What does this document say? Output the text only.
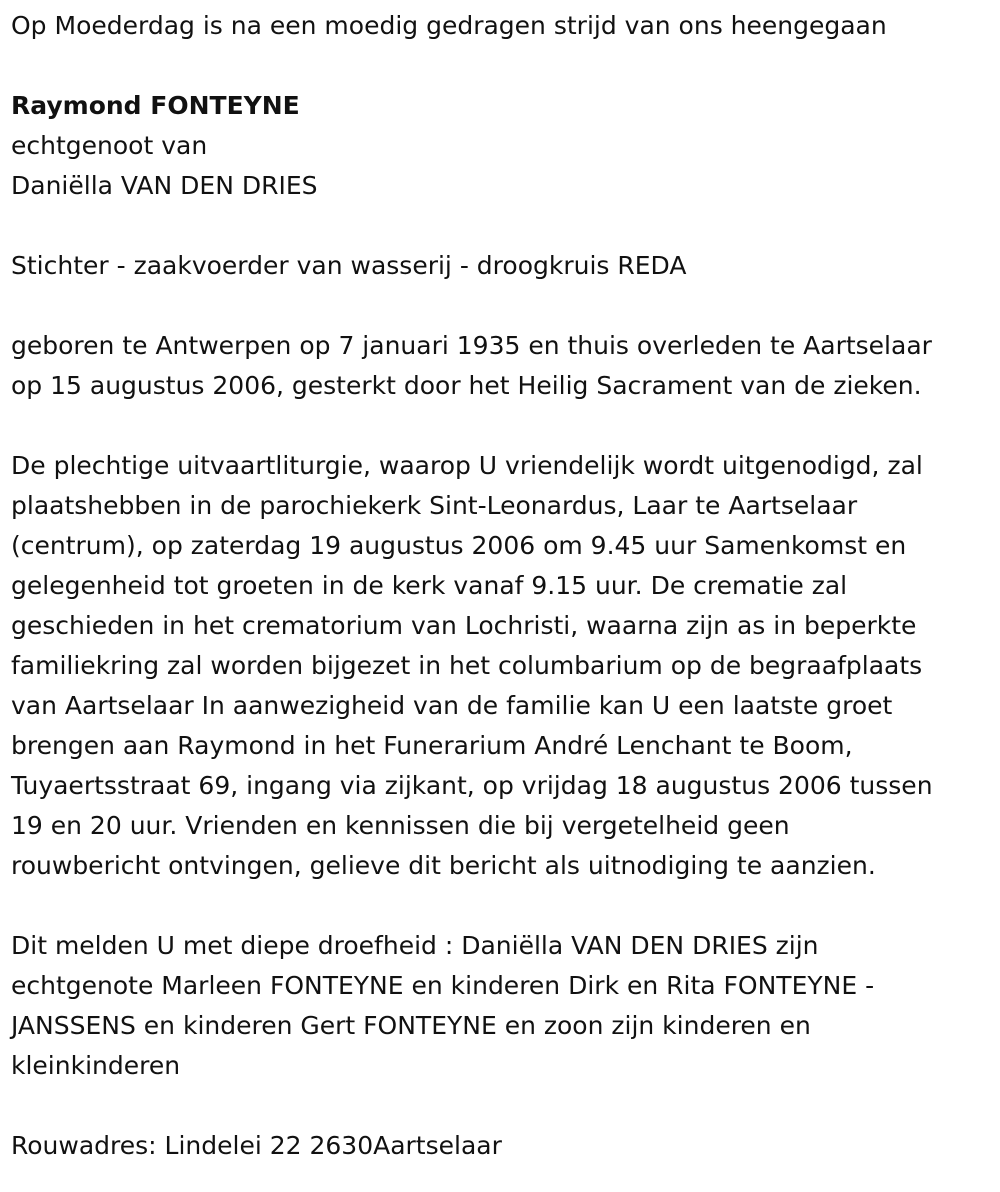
Op Moederdag is na een moedig gedragen strijd van ons heengegaan

Raymond FONTEYNE

echtgenoot van

Daniëlla VAN DEN DRIES

Stichter - zaakvoerder van wasserij - droogkruis REDA

geboren te Antwerpen op 7 januari 1935 en thuis overleden te Aartselaar

op 15 augustus 2006, gesterkt door het Heilig Sacrament van de zieken.

De plechtige uitvaartliturgie, waarop U vriendelijk wordt uitgenodigd, zal

plaatshebben in de parochiekerk Sint-Leonardus, Laar te Aartselaar

(centrum), op zaterdag 19 augustus 2006 om 9.45 uur Samenkomst en

gelegenheid tot groeten in de kerk vanaf 9.15 uur. De crematie zal

geschieden in het crematorium van Lochristi, waarna zijn as in beperkte

familiekring zal worden bijgezet in het columbarium op de begraafplaats

van Aartselaar In aanwezigheid van de familie kan U een laatste groet

brengen aan Raymond in het Funerarium André Lenchant te Boom,

Tuyaertsstraat 69, ingang via zijkant, op vrijdag 18 augustus 2006 tussen

19 en 20 uur. Vrienden en kennissen die bij vergetelheid geen

rouwbericht ontvingen, gelieve dit bericht als uitnodiging te aanzien.

Dit melden U met diepe droefheid : Daniëlla VAN DEN DRIES zijn

echtgenote Marleen FONTEYNE en kinderen Dirk en Rita FONTEYNE -

JANSSENS en kinderen Gert FONTEYNE en zoon zijn kinderen en

kleinkinderen

Rouwadres: Lindelei 22 2630Aartselaar
